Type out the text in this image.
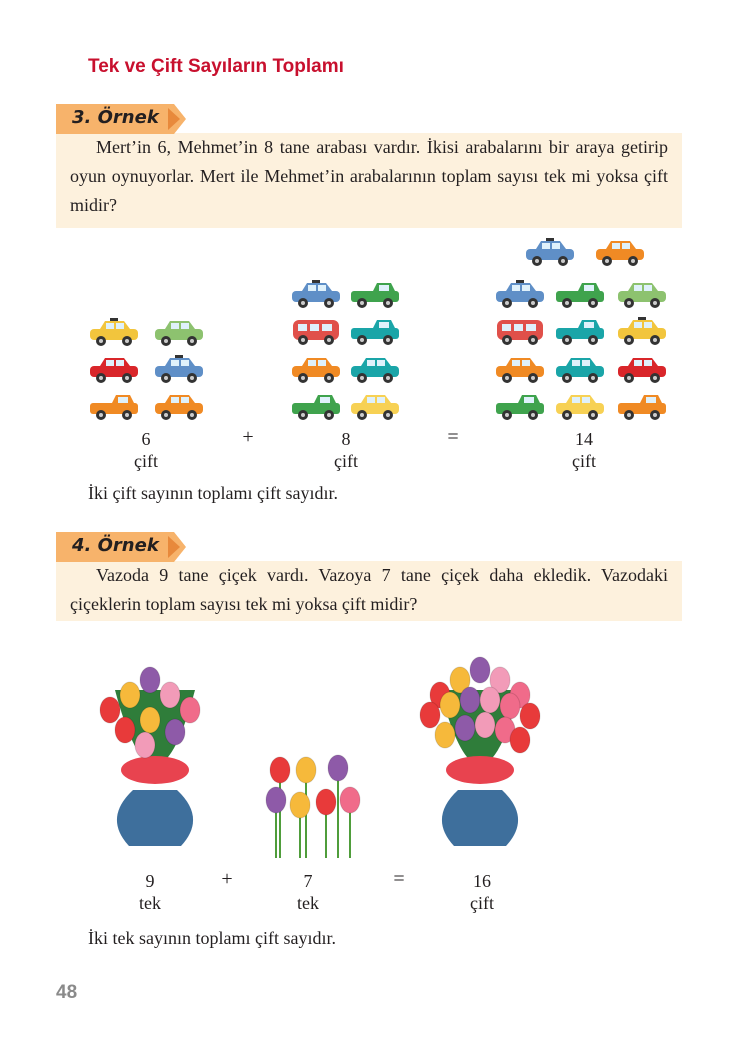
Tek ve Çift Sayıların Toplamı
3. Örnek

Mert’in 6, Mehmet’in 8 tane arabası vardır. İkisi arabalarını bir araya getirip oyun oynuyorlar. Mert ile Mehmet’in arabalarının toplam sayısı tek mi yoksa çift midir?

6
çift
+	8
çift
=	14
çift
İki çift sayının toplamı çift sayıdır.
4. Örnek

Vazoda 9 tane çiçek vardı. Vazoya 7 tane çiçek daha ekledik. Vazodaki çiçeklerin toplam sayısı tek mi yoksa çift midir?

9
tek
+	7
tek
=	16
çift
İki tek sayının toplamı çift sayıdır.
48
